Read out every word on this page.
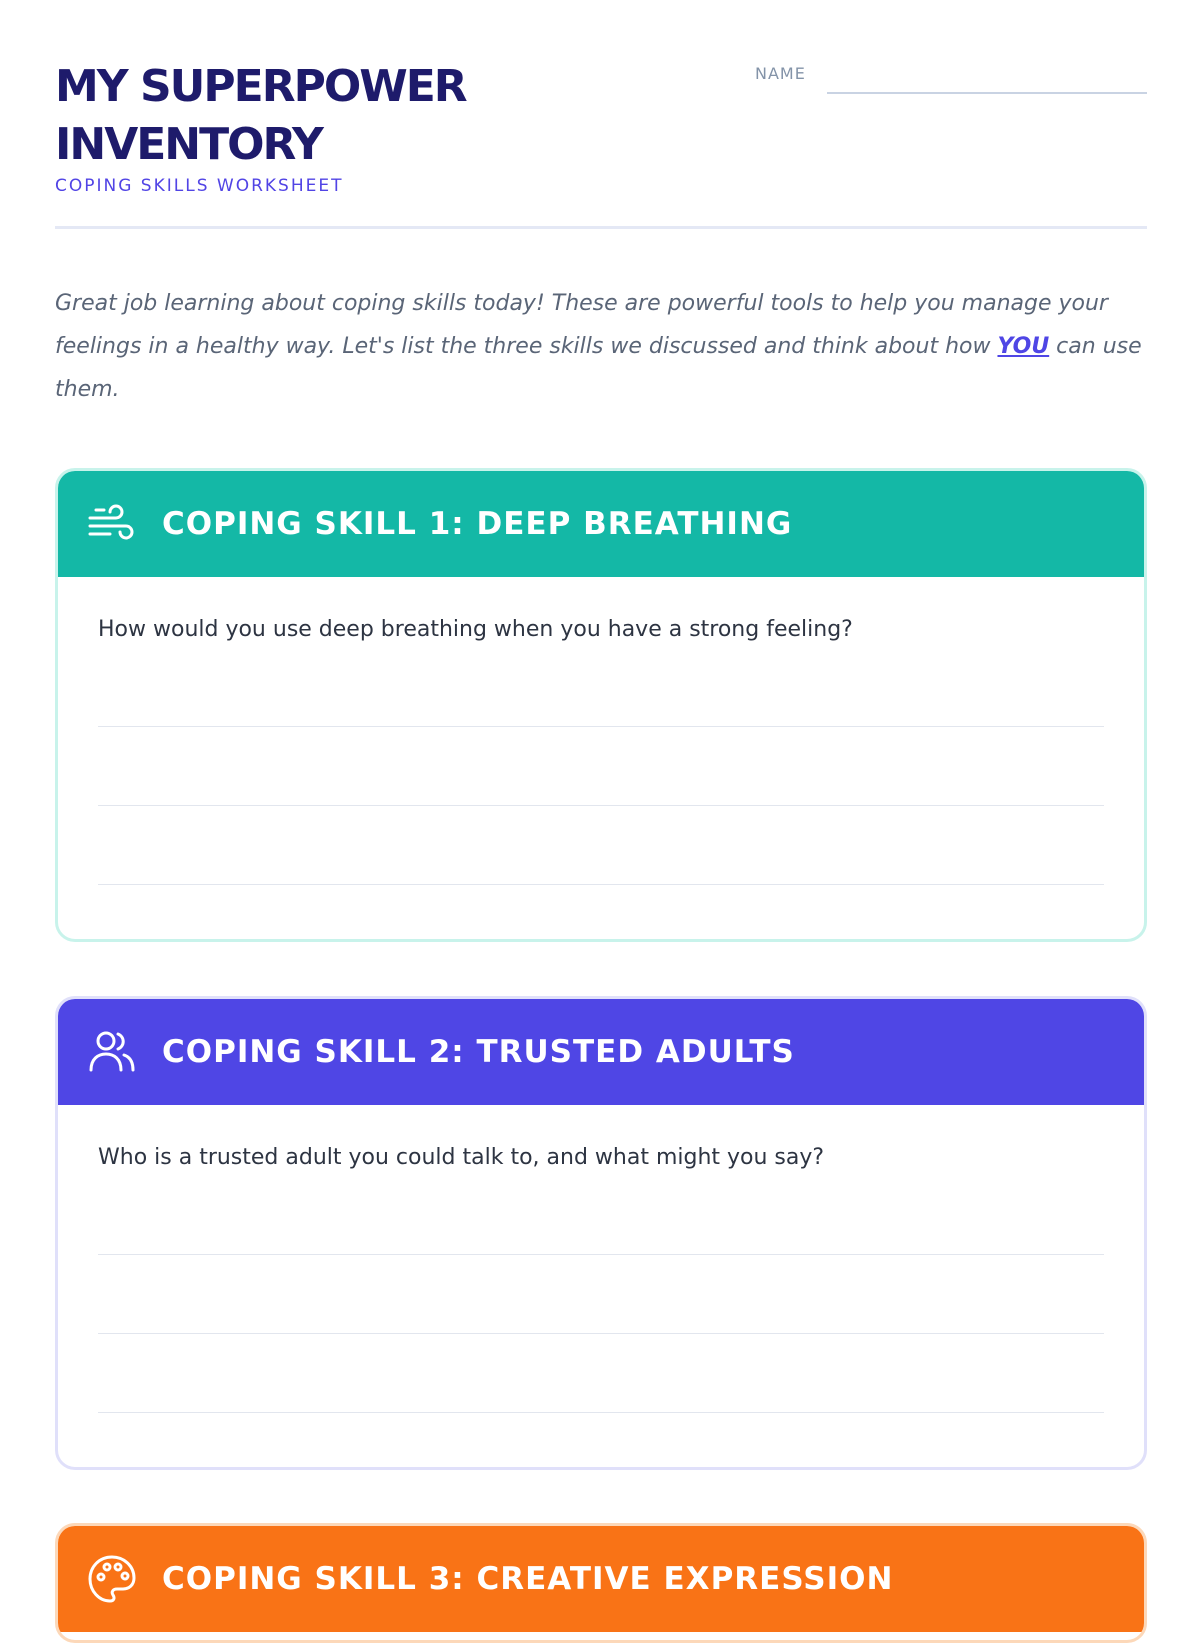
MY SUPERPOWER
INVENTORY
COPING SKILLS WORKSHEET
NAME

Great job learning about coping skills today! These are powerful tools to help you manage your feelings in a healthy way. Let's list the three skills we discussed and think about how YOU can use them.

COPING SKILL 1: DEEP BREATHING

How would you use deep breathing when you have a strong feeling?

COPING SKILL 2: TRUSTED ADULTS

Who is a trusted adult you could talk to, and what might you say?

COPING SKILL 3: CREATIVE EXPRESSION
